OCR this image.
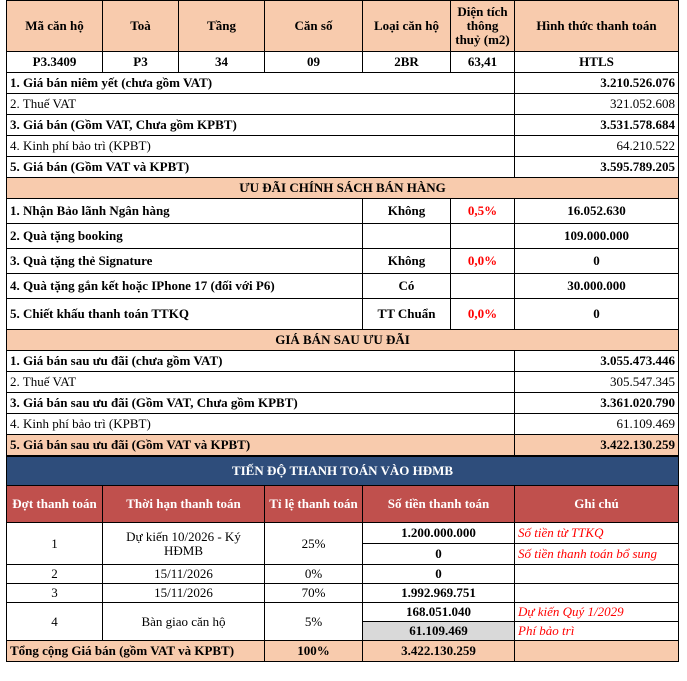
Mã căn hộ	Toà	Tầng	Căn số	Loại căn hộ	Diện tích thông thuỷ (m2)	Hình thức thanh toán
P3.3409	P3	34	09	2BR	63,41	HTLS
1. Giá bán niêm yết (chưa gồm VAT)						3.210.526.076
2. Thuế VAT						321.052.608
3. Giá bán (Gồm VAT, Chưa gồm KPBT)						3.531.578.684
4. Kinh phí bảo trì (KPBT)						64.210.522
5. Giá bán (Gồm VAT và KPBT)						3.595.789.205
ƯU ĐÃI CHÍNH SÁCH BÁN HÀNG						
1. Nhận Bảo lãnh Ngân hàng				Không	0,5%	16.052.630
2. Quà tặng booking						109.000.000
3. Quà tặng thẻ Signature				Không	0,0%	0
4. Quà tặng gắn kết hoặc IPhone 17 (đối với P6)				Có		30.000.000
5. Chiết khấu thanh toán TTKQ				TT Chuẩn	0,0%	0
GIÁ BÁN SAU ƯU ĐÃI						
1. Giá bán sau ưu đãi (chưa gồm VAT)						3.055.473.446
2. Thuế VAT						305.547.345
3. Giá bán sau ưu đãi (Gồm VAT, Chưa gồm KPBT)						3.361.020.790
4. Kinh phí bảo trì (KPBT)						61.109.469
5. Giá bán sau ưu đãi (Gồm VAT và KPBT)						3.422.130.259
TIẾN ĐỘ THANH TOÁN VÀO HĐMB				
Đợt thanh toán	Thời hạn thanh toán	Tỉ lệ thanh toán	Số tiền thanh toán	Ghi chú
1	Dự kiến 10/2026 - Ký HĐMB	25%	1.200.000.000	Số tiền từ TTKQ
			0	Số tiền thanh toán bổ sung
2	15/11/2026	0%	0	
3	15/11/2026	70%	1.992.969.751	
4	Bàn giao căn hộ	5%	168.051.040	Dự kiến Quý 1/2029
			61.109.469	Phí bảo trì
Tổng cộng Giá bán (gồm VAT và KPBT)		100%	3.422.130.259	
